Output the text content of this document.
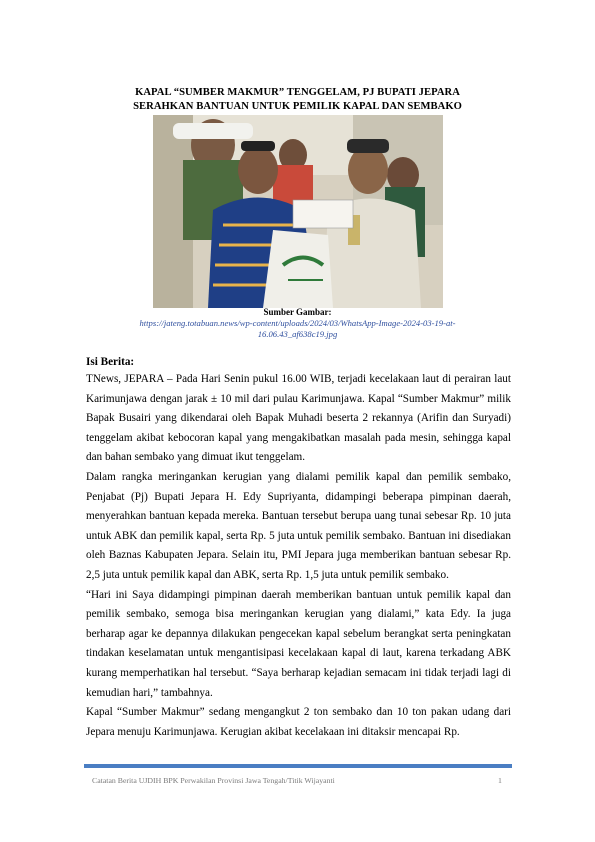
KAPAL “SUMBER MAKMUR” TENGGELAM, PJ BUPATI JEPARA
SERAHKAN BANTUAN UNTUK PEMILIK KAPAL DAN SEMBAKO
Sumber Gambar:
https://jateng.totabuan.news/wp-content/uploads/2024/03/WhatsApp-Image-2024-03-19-at-
16.06.43_af638c19.jpg
Isi Berita:

TNews, JEPARA – Pada Hari Senin pukul 16.00 WIB, terjadi kecelakaan laut di perairan laut Karimunjawa dengan jarak ± 10 mil dari pulau Karimunjawa. Kapal “Sumber Makmur” milik Bapak Busairi yang dikendarai oleh Bapak Muhadi beserta 2 rekannya (Arifin dan Suryadi) tenggelam akibat kebocoran kapal yang mengakibatkan masalah pada mesin, sehingga kapal dan bahan sembako yang dimuat ikut tenggelam.

Dalam rangka meringankan kerugian yang dialami pemilik kapal dan pemilik sembako, Penjabat (Pj) Bupati Jepara H. Edy Supriyanta, didampingi beberapa pimpinan daerah, menyerahkan bantuan kepada mereka. Bantuan tersebut berupa uang tunai sebesar Rp. 10 juta untuk ABK dan pemilik kapal, serta Rp. 5 juta untuk pemilik sembako. Bantuan ini disediakan oleh Baznas Kabupaten Jepara. Selain itu, PMI Jepara juga memberikan bantuan sebesar Rp. 2,5 juta untuk pemilik kapal dan ABK, serta Rp. 1,5 juta untuk pemilik sembako.

“Hari ini Saya didampingi pimpinan daerah memberikan bantuan untuk pemilik kapal dan pemilik sembako, semoga bisa meringankan kerugian yang dialami,” kata Edy. Ia juga berharap agar ke depannya dilakukan pengecekan kapal sebelum berangkat serta peningkatan tindakan keselamatan untuk mengantisipasi kecelakaan kapal di laut, karena terkadang ABK kurang memperhatikan hal tersebut. “Saya berharap kejadian semacam ini tidak terjadi lagi di kemudian hari,” tambahnya.

Kapal “Sumber Makmur” sedang mengangkut 2 ton sembako dan 10 ton pakan udang dari Jepara menuju Karimunjawa. Kerugian akibat kecelakaan ini ditaksir mencapai Rp.

Catatan Berita UJDIH BPK Perwakilan Provinsi Jawa Tengah/Titik Wijayanti	1
